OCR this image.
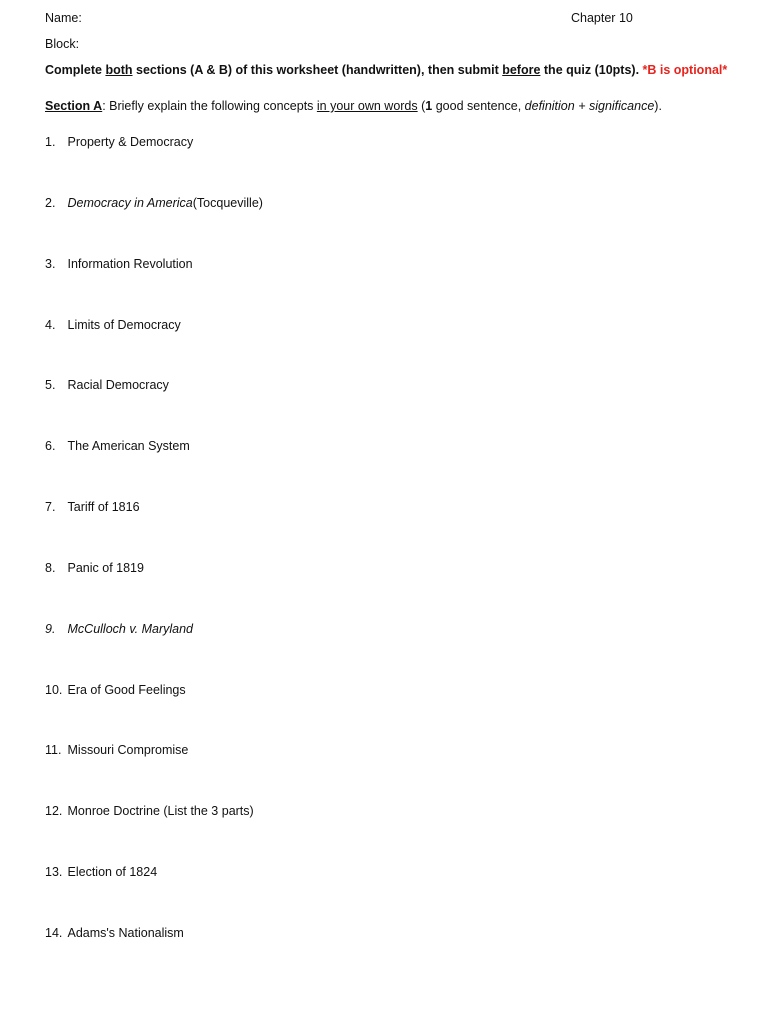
Name:	Chapter 10
Block:
Complete both sections (A & B) of this worksheet (handwritten), then submit before the quiz (10pts). *B is optional*
Section A: Briefly explain the following concepts in your own words (1 good sentence, definition + significance).
1. Property & Democracy
2. Democracy in America (Tocqueville)
3. Information Revolution
4. Limits of Democracy
5. Racial Democracy
6. The American System
7. Tariff of 1816
8. Panic of 1819
9. McCulloch v. Maryland
10. Era of Good Feelings
11. Missouri Compromise
12. Monroe Doctrine (List the 3 parts)
13. Election of 1824
14. Adams's Nationalism
